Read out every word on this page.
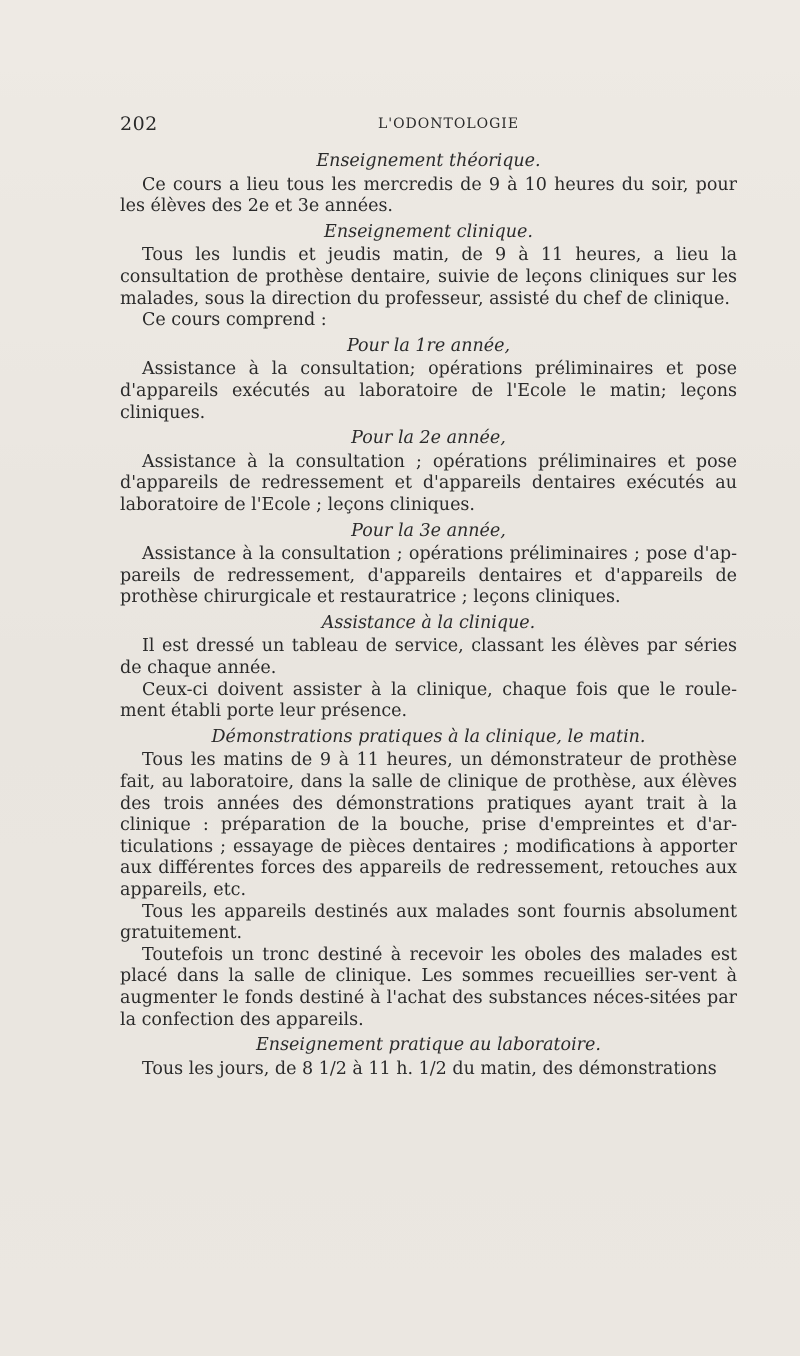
202	L'ODONTOLOGIE
Enseignement théorique.

Ce cours a lieu tous les mercredis de 9 à 10 heures du soir, pour les élèves des 2e et 3e années.

Enseignement clinique.

Tous les lundis et jeudis matin, de 9 à 11 heures, a lieu la consultation de prothèse dentaire, suivie de leçons cliniques sur les malades, sous la direction du professeur, assisté du chef de clinique.

Ce cours comprend :

Pour la 1re année,

Assistance à la consultation; opérations préliminaires et pose d'appareils exécutés au laboratoire de l'Ecole le matin; leçons cliniques.

Pour la 2e année,

Assistance à la consultation ; opérations préliminaires et pose d'appareils de redressement et d'appareils dentaires exécutés au laboratoire de l'Ecole ; leçons cliniques.

Pour la 3e année,

Assistance à la consultation ; opérations préliminaires ; pose d'ap-pareils de redressement, d'appareils dentaires et d'appareils de prothèse chirurgicale et restauratrice ; leçons cliniques.

Assistance à la clinique.

Il est dressé un tableau de service, classant les élèves par séries de chaque année.

Ceux-ci doivent assister à la clinique, chaque fois que le roule-ment établi porte leur présence.

Démonstrations pratiques à la clinique, le matin.

Tous les matins de 9 à 11 heures, un démonstrateur de prothèse fait, au laboratoire, dans la salle de clinique de prothèse, aux élèves des trois années des démonstrations pratiques ayant trait à la clinique : préparation de la bouche, prise d'empreintes et d'ar-ticulations ; essayage de pièces dentaires ; modifications à apporter aux différentes forces des appareils de redressement, retouches aux appareils, etc.

Tous les appareils destinés aux malades sont fournis absolument gratuitement.

Toutefois un tronc destiné à recevoir les oboles des malades est placé dans la salle de clinique. Les sommes recueillies ser-vent à augmenter le fonds destiné à l'achat des substances néces-sitées par la confection des appareils.

Enseignement pratique au laboratoire.

Tous les jours, de 8 1/2 à 11 h. 1/2 du matin, des démonstrations
